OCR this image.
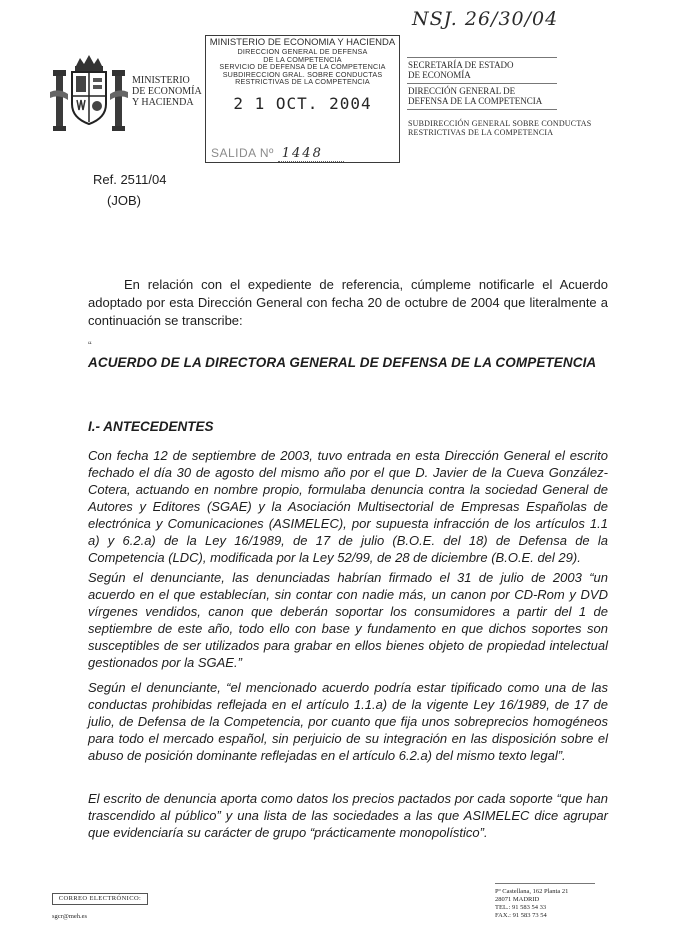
NSJ. 26/30/04
MINISTERIO
DE ECONOMÍA
Y HACIENDA
MINISTERIO DE ECONOMIA Y HACIENDA
DIRECCION GENERAL DE DEFENSA
DE LA COMPETENCIA
SERVICIO DE DEFENSA DE LA COMPETENCIA
SUBDIRECCION GRAL. SOBRE CONDUCTAS
RESTRICTIVAS DE LA COMPETENCIA
2 1 OCT. 2004
SALIDA Nº 1448
SECRETARÍA DE ESTADO
DE ECONOMÍA
DIRECCIÓN GENERAL DE
DEFENSA DE LA COMPETENCIA
SUBDIRECCIÓN GENERAL SOBRE CONDUCTAS
RESTRICTIVAS DE LA COMPETENCIA
Ref. 2511/04
(JOB)
En relación con el expediente de referencia, cúmpleme notificarle el Acuerdo adoptado por esta Dirección General con fecha 20 de octubre de 2004 que literalmente a continuación se transcribe:
“
ACUERDO DE LA DIRECTORA GENERAL DE DEFENSA DE LA COMPETENCIA
I.- ANTECEDENTES
Con fecha 12 de septiembre de 2003, tuvo entrada en esta Dirección General el escrito fechado el día 30 de agosto del mismo año por el que D. Javier de la Cueva González-Cotera, actuando en nombre propio, formulaba denuncia contra la sociedad General de Autores y Editores (SGAE) y la Asociación Multisectorial de Empresas Españolas de electrónica y Comunicaciones (ASIMELEC), por supuesta infracción de los artículos 1.1 a) y 6.2.a) de la Ley 16/1989, de 17 de julio (B.O.E. del 18) de Defensa de la Competencia (LDC), modificada por la Ley 52/99, de 28 de diciembre (B.O.E. del 29).
Según el denunciante, las denunciadas habrían firmado el 31 de julio de 2003 “un acuerdo en el que establecían, sin contar con nadie más, un canon por CD-Rom y DVD vírgenes vendidos, canon que deberán soportar los consumidores a partir del 1 de septiembre de este año, todo ello con base y fundamento en que dichos soportes son susceptibles de ser utilizados para grabar en ellos bienes objeto de propiedad intelectual gestionados por la SGAE.”
Según el denunciante, “el mencionado acuerdo podría estar tipificado como una de las conductas prohibidas reflejada en el artículo 1.1.a) de la vigente Ley 16/1989, de 17 de julio, de Defensa de la Competencia, por cuanto que fija unos sobreprecios homogéneos para todo el mercado español, sin perjuicio de su integración en las disposición sobre el abuso de posición dominante reflejadas en el artículo 6.2.a) del mismo texto legal”.
El escrito de denuncia aporta como datos los precios pactados por cada soporte “que han trascendido al público” y una lista de las sociedades a las que ASIMELEC dice agrupar que evidenciaría su carácter de grupo “prácticamente monopolístico”.
CORREO ELECTRÓNICO:
sgcr@meh.es
Pº Castellana, 162 Planta 21
28071 MADRID
TEL.: 91 583 54 33
FAX.: 91 583 73 54
